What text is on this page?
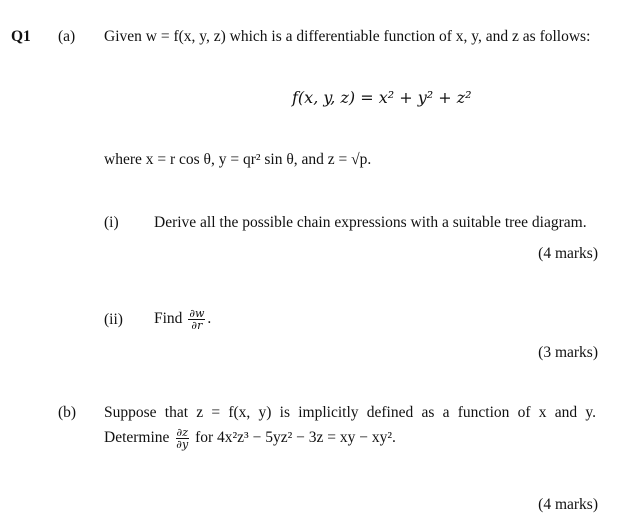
Q1 (a) Given w = f(x, y, z) which is a differentiable function of x, y, and z as follows:
f(x, y, z) = x² + y² + z²
where x = r cos θ, y = qr² sin θ, and z = √p.
(i) Derive all the possible chain expressions with a suitable tree diagram.
(4 marks)
(ii) Find $\frac{\partial w}{\partial r}$ .
(3 marks)
(b) Suppose that z = f(x, y) is implicitly defined as a function of x and y.
Determine $\frac{\partial z}{\partial y}$ for 4x²z³ − 5yz² − 3z = xy − xy².
(4 marks)
